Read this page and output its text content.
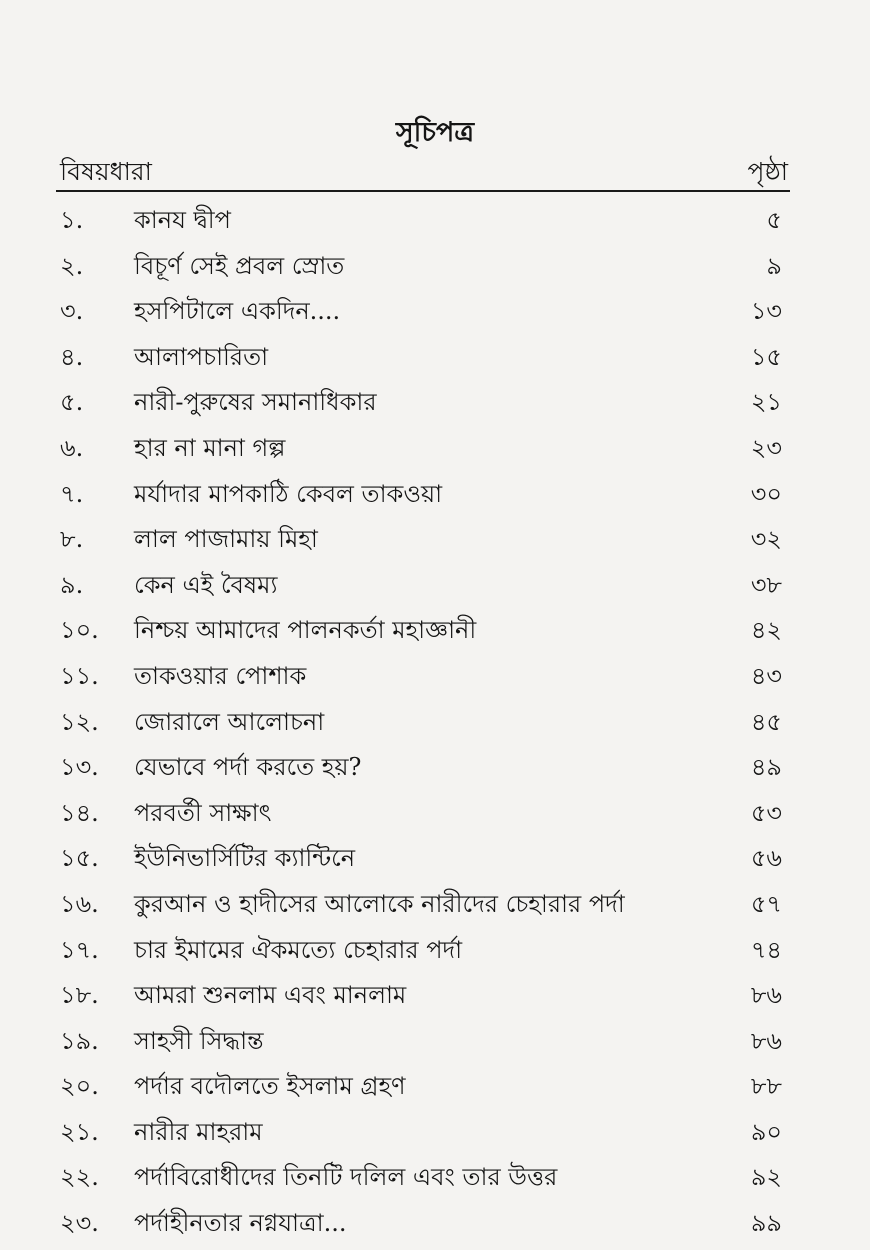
সূচিপত্র
বিষয়ধারা	পৃষ্ঠা
১. কানয দ্বীপ	৫
২. বিচূর্ণ সেই প্রবল স্রোত	৯
৩. হসপিটালে একদিন....	১৩
৪. আলাপচারিতা	১৫
৫. নারী-পুরুষের সমানাধিকার	২১
৬. হার না মানা গল্প	২৩
৭. মর্যাদার মাপকাঠি কেবল তাকওয়া	৩০
৮. লাল পাজামায় মিহা	৩২
৯. কেন এই বৈষম্য	৩৮
১০. নিশ্চয় আমাদের পালনকর্তা মহাজ্ঞানী	৪২
১১. তাকওয়ার পোশাক	৪৩
১২. জোরালে আলোচনা	৪৫
১৩. যেভাবে পর্দা করতে হয়?	৪৯
১৪. পরবর্তী সাক্ষাৎ	৫৩
১৫. ইউনিভার্সিটির ক্যান্টিনে	৫৬
১৬. কুরআন ও হাদীসের আলোকে নারীদের চেহারার পর্দা	৫৭
১৭. চার ইমামের ঐকমত্যে চেহারার পর্দা	৭৪
১৮. আমরা শুনলাম এবং মানলাম	৮৬
১৯. সাহসী সিদ্ধান্ত	৮৬
২০. পর্দার বদৌলতে ইসলাম গ্রহণ	৮৮
২১. নারীর মাহরাম	৯০
২২. পর্দাবিরোধীদের তিনটি দলিল এবং তার উত্তর	৯২
২৩. পর্দাহীনতার নগ্নযাত্রা...	৯৯
